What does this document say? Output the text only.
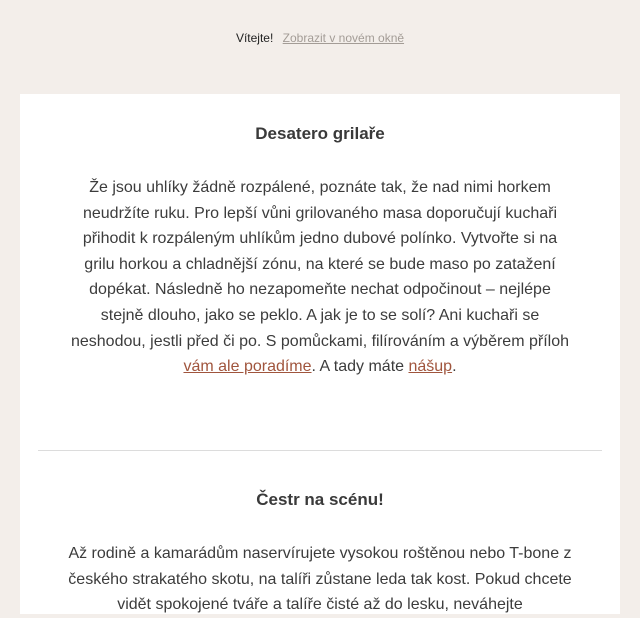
Vítejte! Zobrazit v novém okně
Desatero grilaře

Že jsou uhlíky žádně rozpálené, poznáte tak, že nad nimi horkem neudržíte ruku. Pro lepší vůni grilovaného masa doporučují kuchaři přihodit k rozpáleným uhlíkům jedno dubové polínko. Vytvořte si na grilu horkou a chladnější zónu, na které se bude maso po zatažení dopékat. Následně ho nezapomeňte nechat odpočinout – nejlépe stejně dlouho, jako se peklo. A jak je to se solí? Ani kuchaři se neshodou, jestli před či po. S pomůckami, filírováním a výběrem příloh vám ale poradíme. A tady máte nášup.

Čestr na scénu!

Až rodině a kamarádům naservírujete vysokou roštěnou nebo T-bone z českého strakatého skotu, na talíři zůstane leda tak kost. Pokud chcete vidět spokojené tváře a talíře čisté až do lesku, neváhejte
